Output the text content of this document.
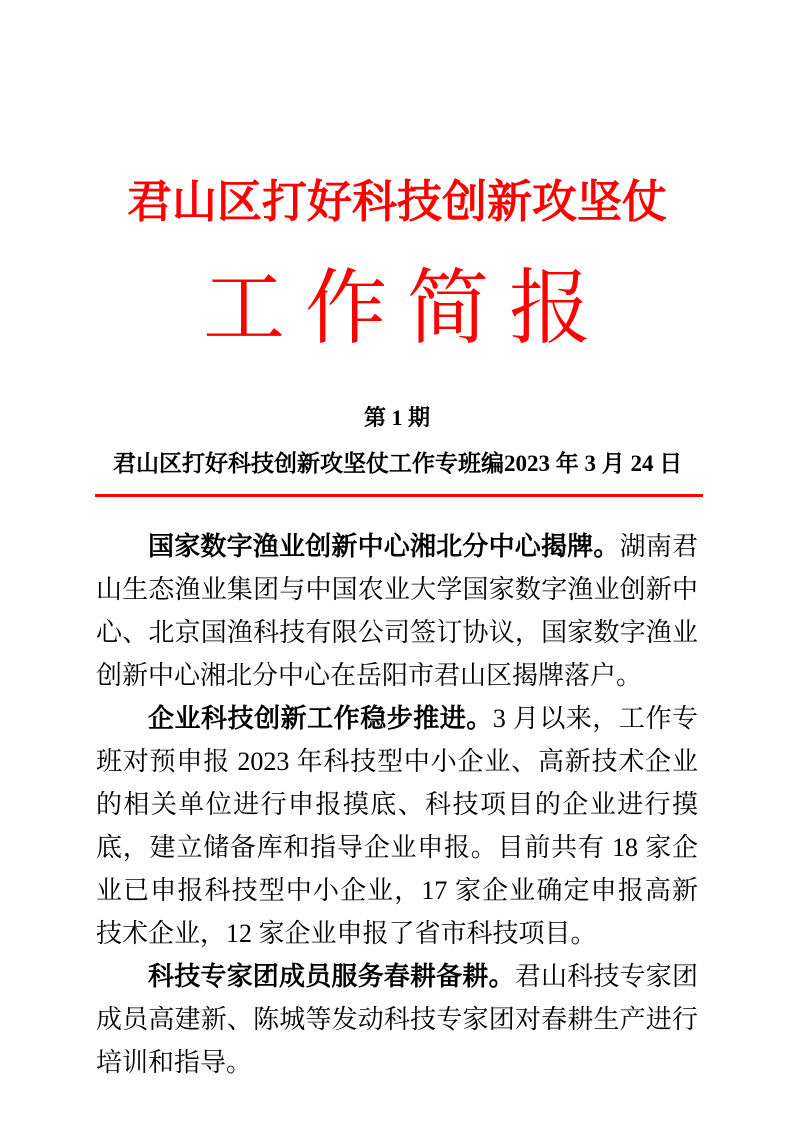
君山区打好科技创新攻坚仗
工作简报
第 1 期
君山区打好科技创新攻坚仗工作专班编 2023 年 3 月 24 日

国家数字渔业创新中心湘北分中心揭牌。湖南君山生态渔业集团与中国农业大学国家数字渔业创新中心、北京国渔科技有限公司签订协议，国家数字渔业创新中心湘北分中心在岳阳市君山区揭牌落户。

企业科技创新工作稳步推进。3 月以来，工作专班对预申报 2023 年科技型中小企业、高新技术企业的相关单位进行申报摸底、科技项目的企业进行摸底，建立储备库和指导企业申报。目前共有 18 家企业已申报科技型中小企业，17 家企业确定申报高新技术企业，12 家企业申报了省市科技项目。

科技专家团成员服务春耕备耕。君山科技专家团成员高建新、陈城等发动科技专家团对春耕生产进行培训和指导。
